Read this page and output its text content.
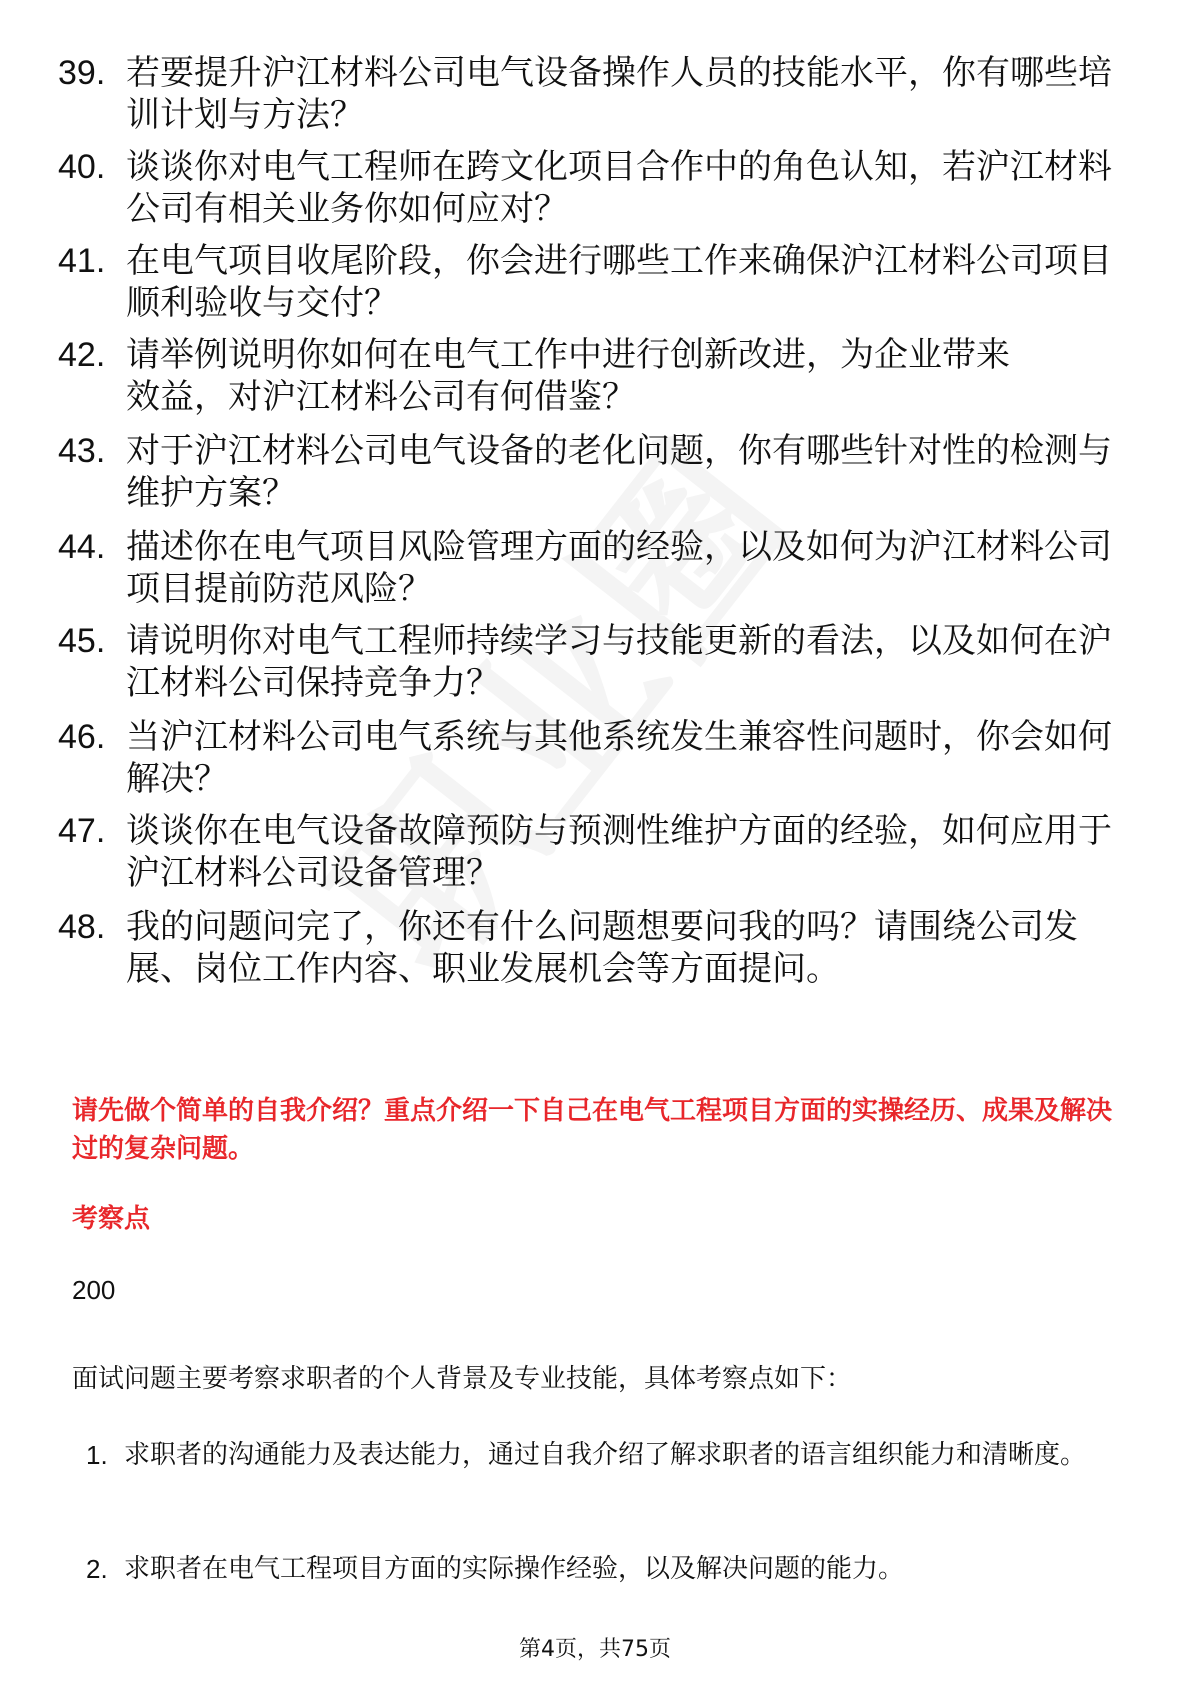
39. 若要提升沪江材料公司电气设备操作人员的技能水平，你有哪些培训计划与方法？
40. 谈谈你对电气工程师在跨文化项目合作中的角色认知，若沪江材料公司有相关业务你如何应对？
41. 在电气项目收尾阶段，你会进行哪些工作来确保沪江材料公司项目顺利验收与交付？
42. 请举例说明你如何在电气工作中进行创新改进，为企业带来效益，对沪江材料公司有何借鉴？
43. 对于沪江材料公司电气设备的老化问题，你有哪些针对性的检测与维护方案？
44. 描述你在电气项目风险管理方面的经验，以及如何为沪江材料公司项目提前防范风险？
45. 请说明你对电气工程师持续学习与技能更新的看法，以及如何在沪江材料公司保持竞争力？
46. 当沪江材料公司电气系统与其他系统发生兼容性问题时，你会如何解决？
47. 谈谈你在电气设备故障预防与预测性维护方面的经验，如何应用于沪江材料公司设备管理？
48. 我的问题问完了，你还有什么问题想要问我的吗？请围绕公司发展、岗位工作内容、职业发展机会等方面提问。
请先做个简单的自我介绍？重点介绍一下自己在电气工程项目方面的实操经历、成果及解决过的复杂问题。
考察点
200
面试问题主要考察求职者的个人背景及专业技能，具体考察点如下：
1. 求职者的沟通能力及表达能力，通过自我介绍了解求职者的语言组织能力和清晰度。
2. 求职者在电气工程项目方面的实际操作经验，以及解决问题的能力。
第4页，共75页
